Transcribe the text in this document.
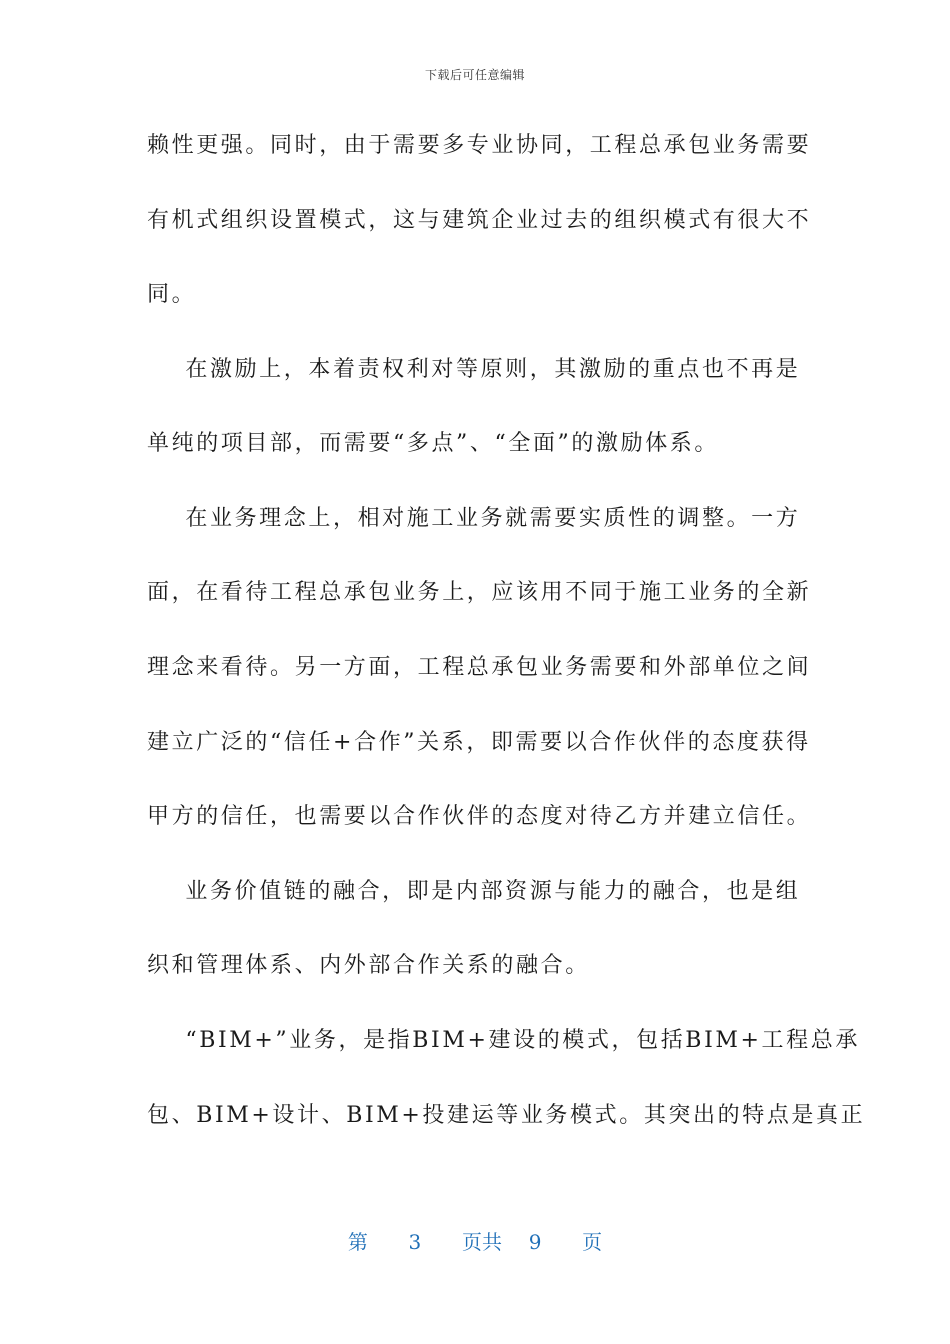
下载后可任意编辑
赖性更强。同时，由于需要多专业协同，工程总承包业务需要
有机式组织设置模式，这与建筑企业过去的组织模式有很大不
同。
在激励上，本着责权利对等原则，其激励的重点也不再是
单纯的项目部，而需要“多点”、“全面”的激励体系。
在业务理念上，相对施工业务就需要实质性的调整。一方
面，在看待工程总承包业务上，应该用不同于施工业务的全新
理念来看待。另一方面，工程总承包业务需要和外部单位之间
建立广泛的“信任+合作”关系，即需要以合作伙伴的态度获得
甲方的信任，也需要以合作伙伴的态度对待乙方并建立信任。
业务价值链的融合，即是内部资源与能力的融合，也是组
织和管理体系、内外部合作关系的融合。
“BIM+”业务，是指BIM+建设的模式，包括BIM+工程总承
包、BIM+设计、BIM+投建运等业务模式。其突出的特点是真正
第 3 页共 9 页
